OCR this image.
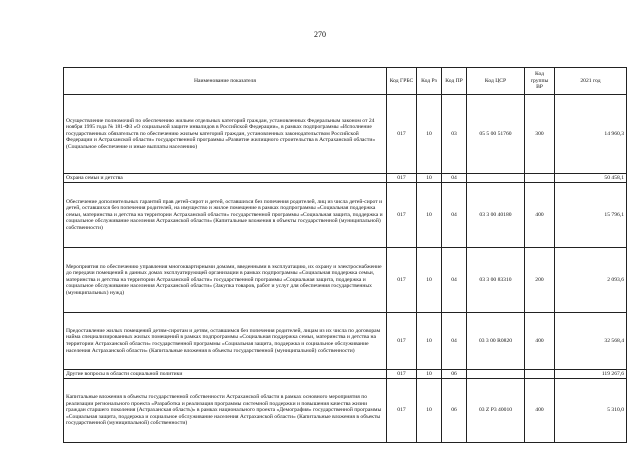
270
Наименование показателя	Код ГРБС	Код Рз	Код ПР	Код ЦСР	Код группы ВР	2021 год
Осуществление полномочий по обеспечению жильем отдельных категорий граждан, установленных Федеральным законом от 24 ноября 1995 года № 181-ФЗ «О социальной защите инвалидов в Российской Федерации», в рамках подпрограммы «Исполнение государственных обязательств по обеспечению жильем категорий граждан, установленных законодательством Российской Федерации и Астраханской области» государственной программы «Развитие жилищного строительства в Астраханской области» (Социальное обеспечение и иные выплаты населению)	017	10	03	05 5 00 51760	300	14 960,3
Охрана семьи и детства	017	10	04			50 458,1
Обеспечение дополнительных гарантий прав детей-сирот и детей, оставшихся без попечения родителей, лиц из числа детей-сирот и детей, оставшихся без попечения родителей, на имущество и жилое помещение в рамках подпрограммы «Социальная поддержка семьи, материнства и детства на территории Астраханской области» государственной программы «Социальная защита, поддержка и социальное обслуживание населения Астраханской области» (Капитальные вложения в объекты государственной (муниципальной) собственности)	017	10	04	03 3 00 40180	400	15 796,1
Мероприятия по обеспечению управления многоквартирными домами, введенными в эксплуатацию, их охрану и электроснабжение до передачи помещений в данных домах эксплуатирующей организации в рамках подпрограммы «Социальная поддержка семьи, материнства и детства на территории Астраханской области» государственной программы «Социальная защита, поддержка и социальное обслуживание населения Астраханской области» (Закупка товаров, работ и услуг для обеспечения государственных (муниципальных) нужд)	017	10	04	03 3 00 83310	200	2 093,6
Предоставление жилых помещений детям-сиротам и детям, оставшимся без попечения родителей, лицам из их числа по договорам найма специализированных жилых помещений в рамках подпрограммы «Социальная поддержка семьи, материнства и детства на территории Астраханской области» государственной программы «Социальная защита, поддержка и социальное обслуживание населения Астраханской области» (Капитальные вложения в объекты государственной (муниципальной) собственности)	017	10	04	03 3 00 R0820	400	32 568,4
Другие вопросы в области социальной политики	017	10	06			119 267,6
Капитальные вложения в объекты государственной собственности Астраханской области в рамках основного мероприятия по реализации регионального проекта «Разработка и реализация программы системной поддержки и повышения качества жизни граждан старшего поколения (Астраханская область)» в рамках национального проекта «Демография» государственной программы «Социальная защита, поддержка и социальное обслуживание населения Астраханской области» (Капитальные вложения в объекты государственной (муниципальной) собственности)	017	10	06	03 Z P3 40010	400	5 310,0
